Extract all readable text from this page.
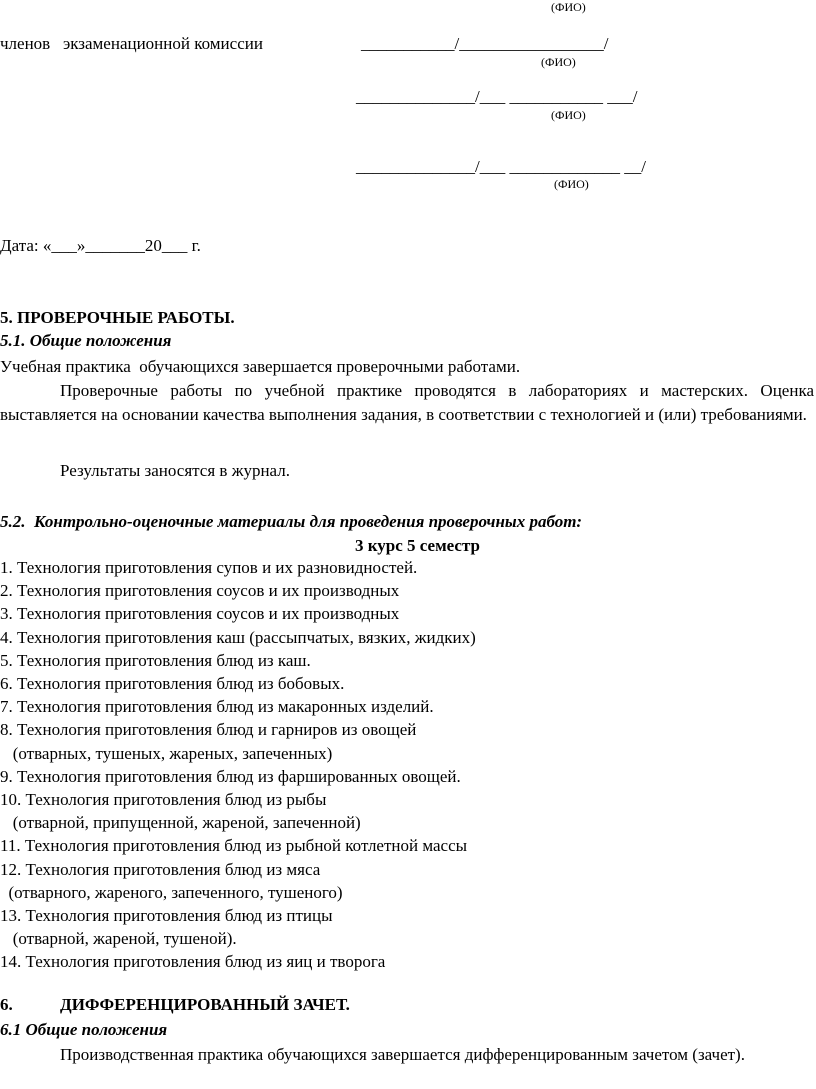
(ФИО)
членов   экзаменационной комиссии	___________/_________________/
(ФИО)
______________/___ ___________ ___/
(ФИО)
______________/___ _____________ __/
(ФИО)
Дата: «___»_______20___ г.
5. ПРОВЕРОЧНЫЕ РАБОТЫ.
5.1. Общие положения
Учебная практика  обучающихся завершается проверочными работами.
Проверочные работы по учебной практике проводятся в лабораториях и мастерских. Оценка выставляется на основании качества выполнения задания, в соответствии с технологией и (или) требованиями.
Результаты заносятся в журнал.
5.2. Контрольно-оценочные материалы для проведения проверочных работ:
3 курс 5 семестр
1. Технология приготовления супов и их разновидностей.
2. Технология приготовления соусов и их производных
3. Технология приготовления соусов и их производных
4. Технология приготовления каш (рассыпчатых, вязких, жидких)
5. Технология приготовления блюд из каш.
6. Технология приготовления блюд из бобовых.
7. Технология приготовления блюд из макаронных изделий.
8. Технология приготовления блюд и гарниров из овощей
(отварных, тушеных, жареных, запеченных)
9. Технология приготовления блюд из фаршированных овощей.
10. Технология приготовления блюд из рыбы
(отварной, припущенной, жареной, запеченной)
11. Технология приготовления блюд из рыбной котлетной массы
12. Технология приготовления блюд из мяса
(отварного, жареного, запеченного, тушеного)
13. Технология приготовления блюд из птицы
(отварной, жареной, тушеной).
14. Технология приготовления блюд из яиц и творога
6.	ДИФФЕРЕНЦИРОВАННЫЙ ЗАЧЕТ.
6.1 Общие положения
Производственная практика обучающихся завершается дифференцированным зачетом (зачет).
